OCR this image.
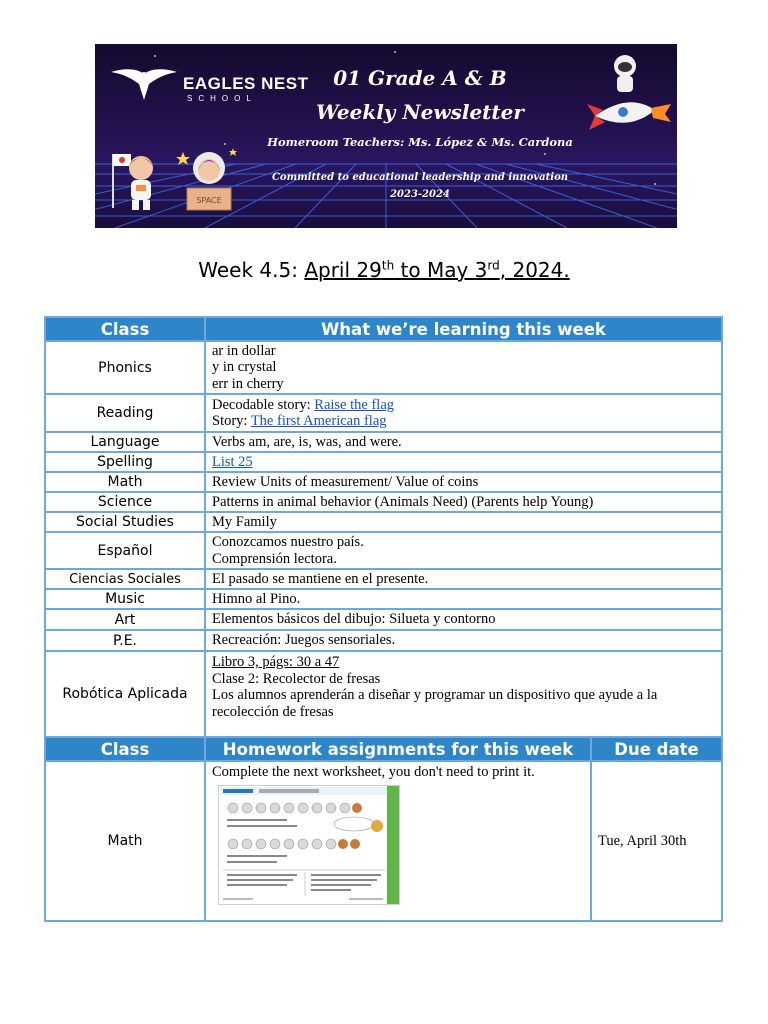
EAGLES NEST
SCHOOL
01 Grade A & B
Weekly Newsletter
Homeroom Teachers: Ms. López & Ms. Cardona
Committed to educational leadership and innovation
2023-2024
SPACE
Week 4.5: April 29th to May 3rd, 2024.
Class	What we’re learning this week
Phonics	ar in dollar
y in crystal
err in cherry

Reading	Decodable story: Raise the flag
Story: The first American flag

Language	Verbs am, are, is, was, and were.
Spelling	List 25
Math	Review Units of measurement/ Value of coins
Science	Patterns in animal behavior (Animals Need) (Parents help Young)
Social Studies	My Family
Español	Conozcamos nuestro país.
Comprensión lectora.

Ciencias Sociales	El pasado se mantiene en el presente.
Music	Himno al Pino.
Art	Elementos básicos del dibujo: Silueta y contorno
P.E.	Recreación: Juegos sensoriales.
Robótica Aplicada	Libro 3, págs: 30 a 47
Clase 2: Recolector de fresas
Los alumnos aprenderán a diseñar y programar un dispositivo que ayude a la recolección de fresas
Class	Homework assignments for this week	Due date
Math	Complete the next worksheet, you don't need to print it.	Tue, April 30th
